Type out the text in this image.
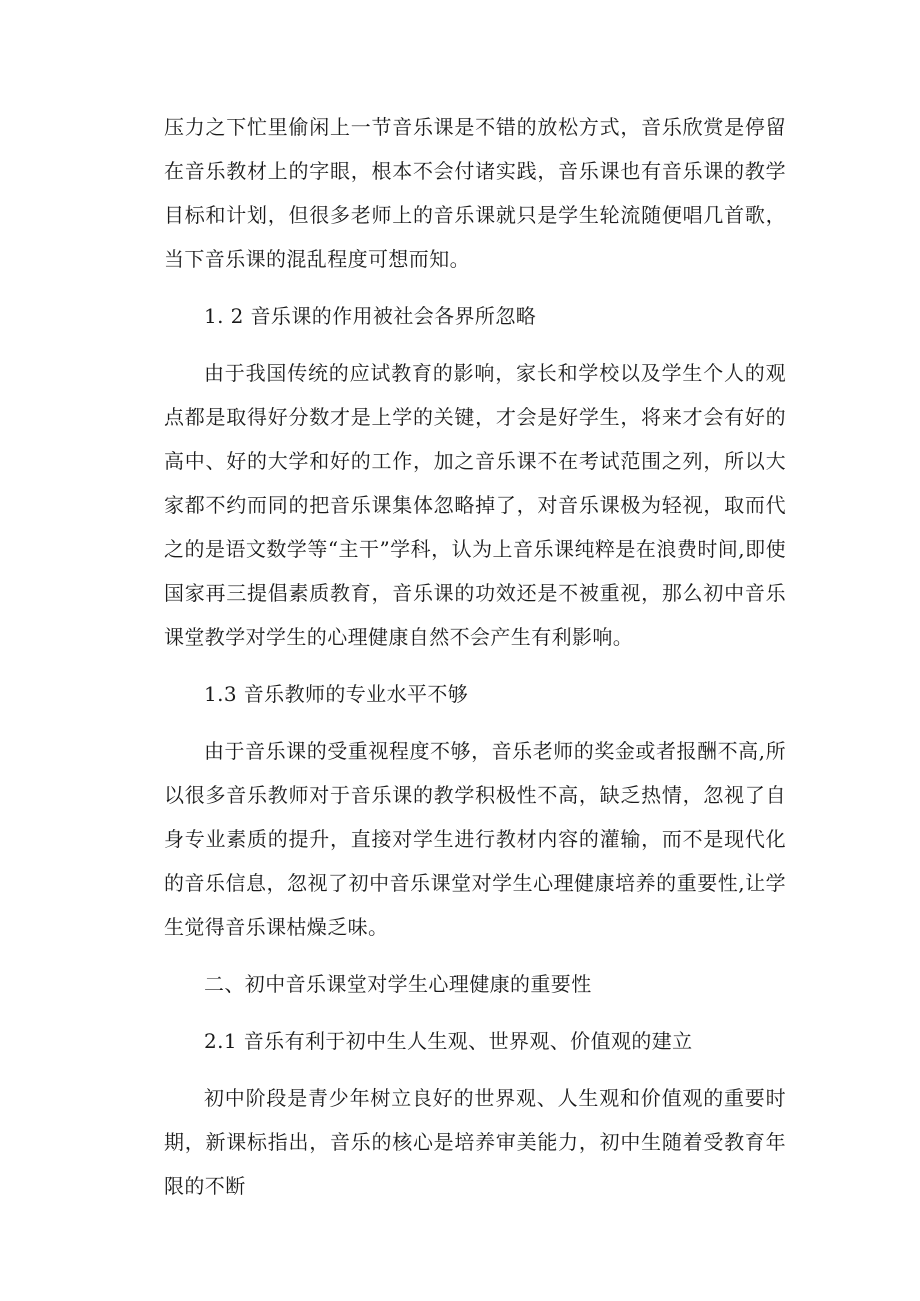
压力之下忙里偷闲上一节音乐课是不错的放松方式，音乐欣赏是停留在音乐教材上的字眼，根本不会付诸实践，音乐课也有音乐课的教学目标和计划，但很多老师上的音乐课就只是学生轮流随便唱几首歌，当下音乐课的混乱程度可想而知。

1. 2 音乐课的作用被社会各界所忽略

由于我国传统的应试教育的影响，家长和学校以及学生个人的观点都是取得好分数才是上学的关键，才会是好学生，将来才会有好的高中、好的大学和好的工作，加之音乐课不在考试范围之列，所以大家都不约而同的把音乐课集体忽略掉了，对音乐课极为轻视，取而代之的是语文数学等“主干”学科，认为上音乐课纯粹是在浪费时间,即使国家再三提倡素质教育，音乐课的功效还是不被重视，那么初中音乐课堂教学对学生的心理健康自然不会产生有利影响。

1.3 音乐教师的专业水平不够

由于音乐课的受重视程度不够，音乐老师的奖金或者报酬不高,所以很多音乐教师对于音乐课的教学积极性不高，缺乏热情，忽视了自身专业素质的提升，直接对学生进行教材内容的灌输，而不是现代化的音乐信息，忽视了初中音乐课堂对学生心理健康培养的重要性,让学生觉得音乐课枯燥乏味。

二、初中音乐课堂对学生心理健康的重要性

2.1 音乐有利于初中生人生观、世界观、价值观的建立

初中阶段是青少年树立良好的世界观、人生观和价值观的重要时期，新课标指出，音乐的核心是培养审美能力，初中生随着受教育年限的不断
